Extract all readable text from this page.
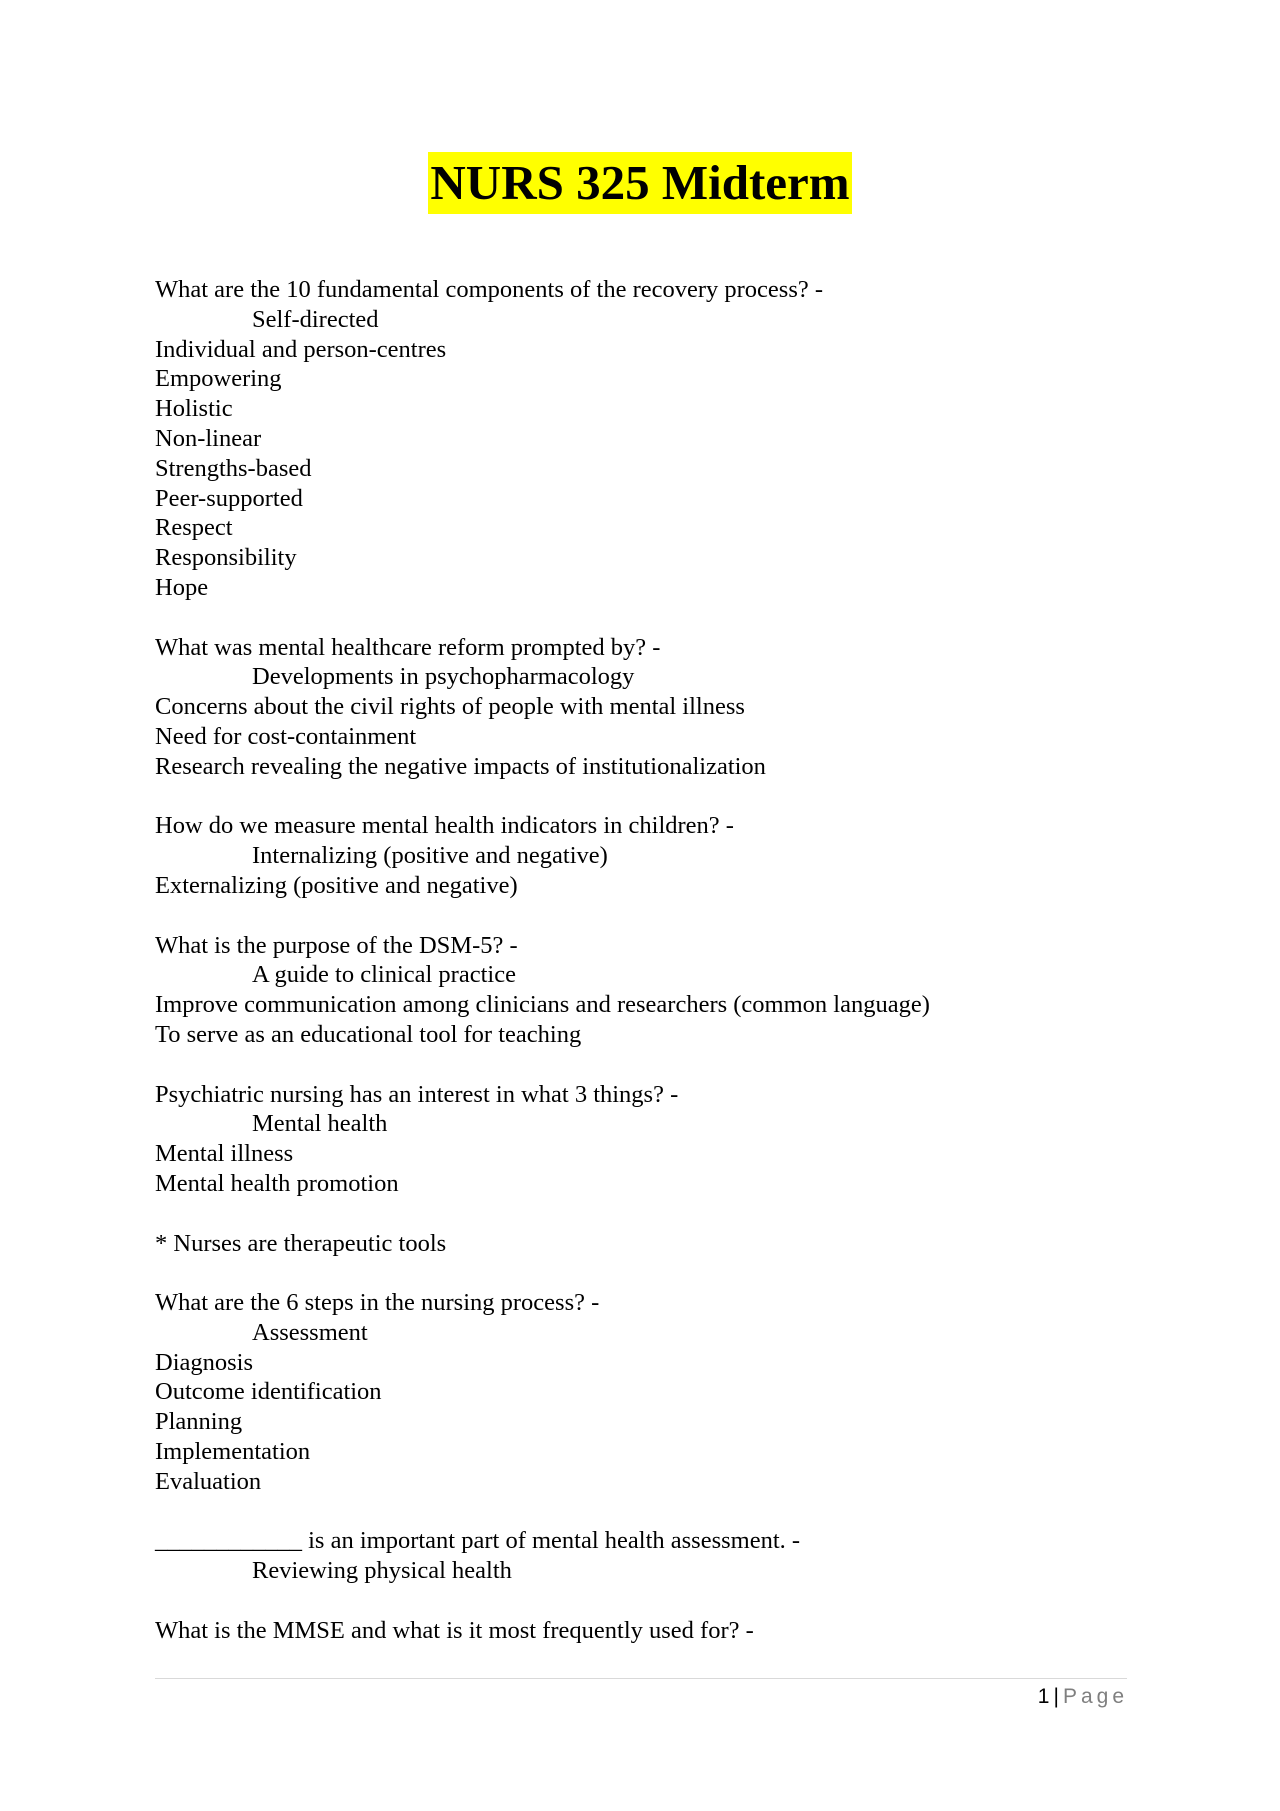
NURS 325 Midterm
What are the 10 fundamental components of the recovery process? -
Self-directed
Individual and person-centres
Empowering
Holistic
Non-linear
Strengths-based
Peer-supported
Respect
Responsibility
Hope
What was mental healthcare reform prompted by? -
Developments in psychopharmacology
Concerns about the civil rights of people with mental illness
Need for cost-containment
Research revealing the negative impacts of institutionalization
How do we measure mental health indicators in children? -
Internalizing (positive and negative)
Externalizing (positive and negative)
What is the purpose of the DSM-5? -
A guide to clinical practice
Improve communication among clinicians and researchers (common language)
To serve as an educational tool for teaching
Psychiatric nursing has an interest in what 3 things? -
Mental health
Mental illness
Mental health promotion
* Nurses are therapeutic tools
What are the 6 steps in the nursing process? -
Assessment
Diagnosis
Outcome identification
Planning
Implementation
Evaluation
____________ is an important part of mental health assessment. -
Reviewing physical health
What is the MMSE and what is it most frequently used for? -
1 | Page
